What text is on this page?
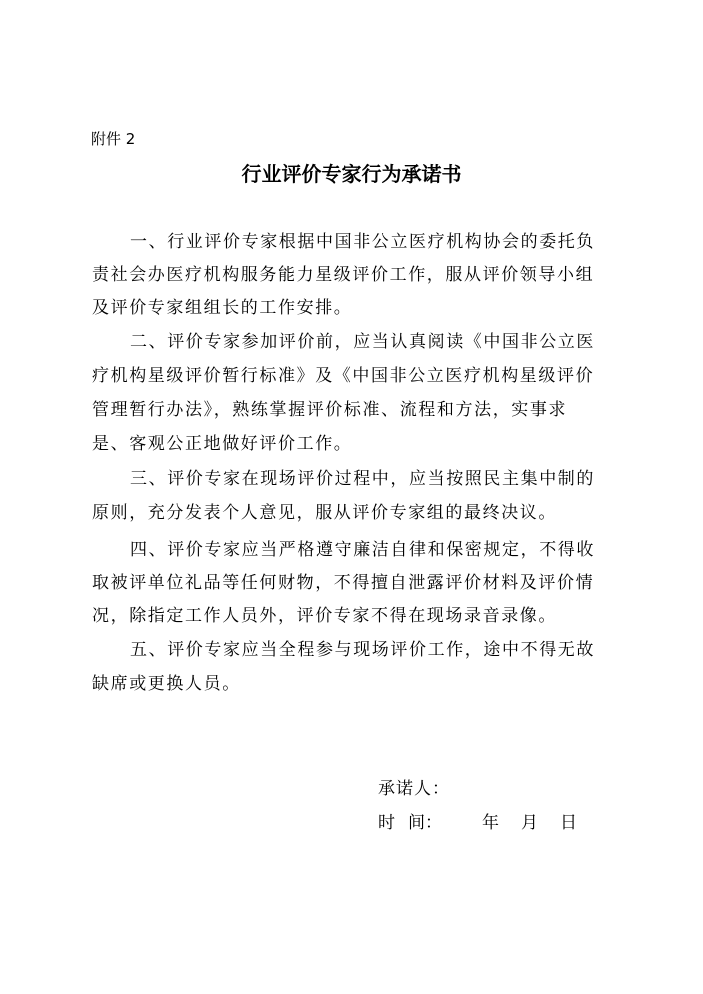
附件 2
行业评价专家行为承诺书
一、行业评价专家根据中国非公立医疗机构协会的委托负
责社会办医疗机构服务能力星级评价工作，服从评价领导小组
及评价专家组组长的工作安排。
二、评价专家参加评价前，应当认真阅读《中国非公立医
疗机构星级评价暂行标准》及《中国非公立医疗机构星级评价
管理暂行办法》，熟练掌握评价标准、流程和方法，实事求
是、客观公正地做好评价工作。
三、评价专家在现场评价过程中，应当按照民主集中制的
原则，充分发表个人意见，服从评价专家组的最终决议。
四、评价专家应当严格遵守廉洁自律和保密规定，不得收
取被评单位礼品等任何财物，不得擅自泄露评价材料及评价情
况，除指定工作人员外，评价专家不得在现场录音录像。
五、评价专家应当全程参与现场评价工作，途中不得无故
缺席或更换人员。
承诺人：
时 间： 年 月 日
